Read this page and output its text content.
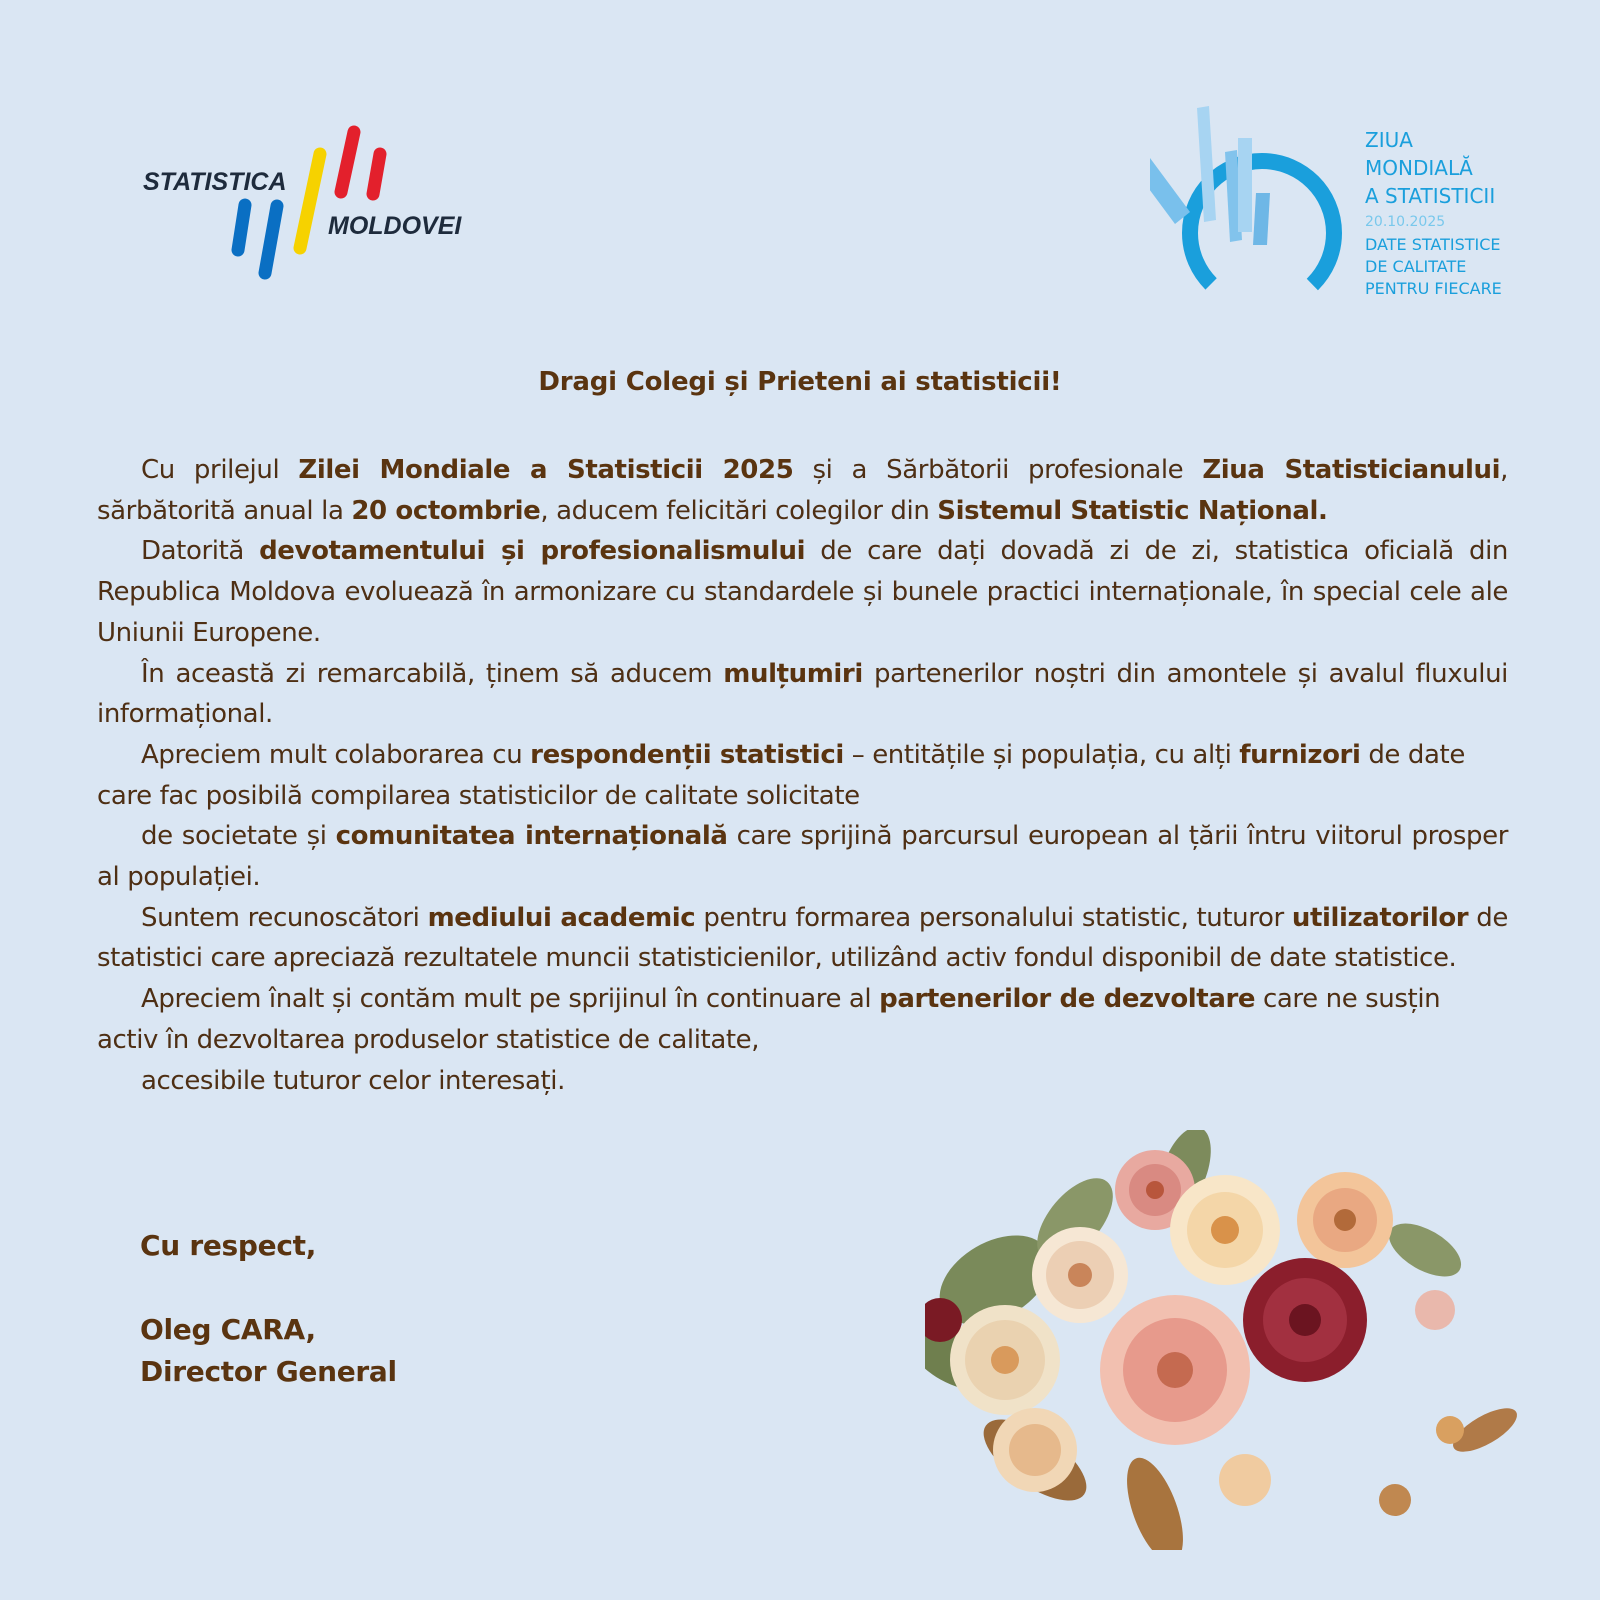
STATISTICA
MOLDOVEI
ZIUA
MONDIALĂ
A STATISTICII
20.10.2025
DATE STATISTICE
DE CALITATE
PENTRU FIECARE
Dragi Colegi și Prieteni ai statisticii!

Cu prilejul Zilei Mondiale a Statisticii 2025 și a Sărbătorii profesionale Ziua Statisticianului, sărbătorită anual la 20 octombrie, aducem felicitări colegilor din Sistemul Statistic Național.

Datorită devotamentului și profesionalismului de care dați dovadă zi de zi, statistica oficială din Republica Moldova evoluează în armonizare cu standardele și bunele practici internaționale, în special cele ale Uniunii Europene.

În această zi remarcabilă, ținem să aducem mulțumiri partenerilor noștri din amontele și avalul fluxului informațional.

Apreciem mult colaborarea cu respondenții statistici – entitățile și populația, cu alți furnizori de date care fac posibilă compilarea statisticilor de calitate solicitate

de societate și comunitatea internațională care sprijină parcursul european al țării întru viitorul prosper al populației.

Suntem recunoscători mediului academic pentru formarea personalului statistic, tuturor utilizatorilor de statistici care apreciază rezultatele muncii statisticienilor, utilizând activ fondul disponibil de date statistice.

Apreciem înalt și contăm mult pe sprijinul în continuare al partenerilor de dezvoltare care ne susțin activ în dezvoltarea produselor statistice de calitate,

accesibile tuturor celor interesați.

Cu respect,
Oleg CARA,
Director General
